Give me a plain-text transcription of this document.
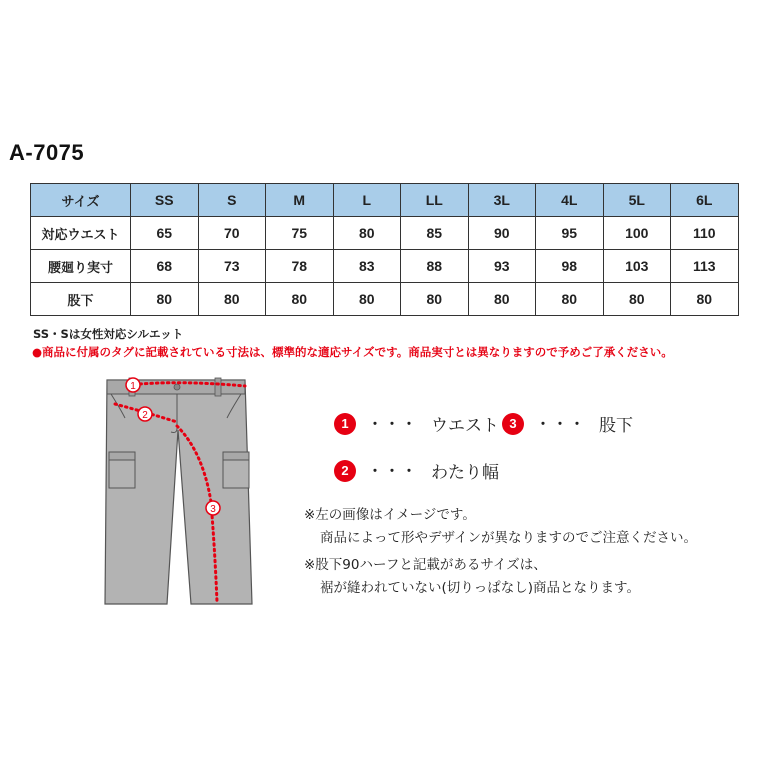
A-7075
サイズ	SS	S	M	L	LL	3L	4L	5L	6L
対応ウエスト	65	70	75	80	85	90	95	100	110
腰廻り実寸	68	73	78	83	88	93	98	103	113
股下	80	80	80	80	80	80	80	80	80
SS・Sは女性対応シルエット
●商品に付属のタグに記載されている寸法は、標準的な適応サイズです。商品実寸とは異なりますので予めご了承ください。
1
2
3
1	・・・ ウエスト 3	・・・ 股下
2	・・・ わたり幅
※左の画像はイメージです。
商品によって形やデザインが異なりますのでご注意ください。
※股下90ハーフと記載があるサイズは、
裾が縫われていない(切りっぱなし)商品となります。
